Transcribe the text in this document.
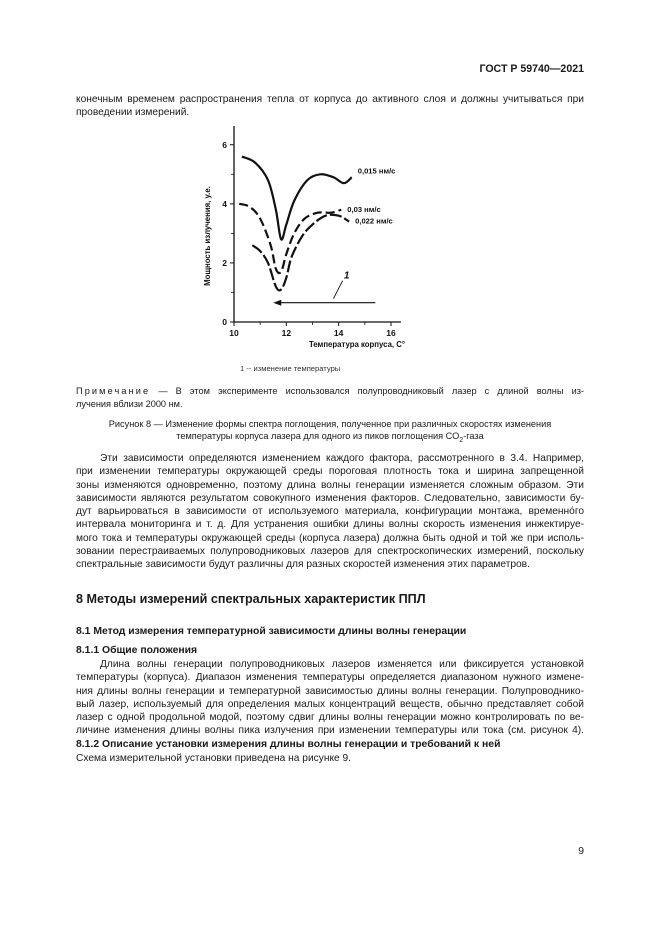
ГОСТ Р 59740—2021
конечным временем распространения тепла от корпуса до активного слоя и должны учитываться при
проведении измерений.
10	12	14	16
0
2
4
6
Мощность излучения, у.е.
Температура корпуса, С°
0,015 нм/с
0,03 нм/с
0,022 нм/с
1
1 -- изменение температуры
Примечание — В этом эксперименте использовался полупроводниковый лазер с длиной волны из-
лучения вблизи 2000 нм.
Рисунок 8 — Изменение формы спектра поглощения, полученное при различных скоростях изменения
температуры корпуса лазера для одного из пиков поглощения $СО_2$-газа
Эти зависимости определяются изменением каждого фактора, рассмотренного в 3.4. Например,
при изменении температуры окружающей среды пороговая плотность тока и ширина запрещенной
зоны изменяются одновременно, поэтому длина волны генерации изменяется сложным образом. Эти
зависимости являются результатом совокупного изменения факторов. Следовательно, зависимости бу-
дут варьироваться в зависимости от используемого материала, конфигурации монтажа, временнóго
интервала мониторинга и т. д. Для устранения ошибки длины волны скорость изменения инжектируе-
мого тока и температуры окружающей среды (корпуса лазера) должна быть одной и той же при исполь-
зовании перестраиваемых полупроводниковых лазеров для спектроскопических измерений, поскольку
спектральные зависимости будут различны для разных скоростей изменения этих параметров.
8 Методы измерений спектральных характеристик ППЛ
8.1 Метод измерения температурной зависимости длины волны генерации
8.1.1 Общие положения
Длина волны генерации полупроводниковых лазеров изменяется или фиксируется установкой
температуры (корпуса). Диапазон изменения температуры определяется диапазоном нужного измене-
ния длины волны генерации и температурной зависимостью длины волны генерации. Полупроводнико-
вый лазер, используемый для определения малых концентраций веществ, обычно представляет собой
лазер с одной продольной модой, поэтому сдвиг длины волны генерации можно контролировать по ве-
личине изменения длины волны пика излучения при изменении температуры или тока (см. рисунок 4).
8.1.2 Описание установки измерения длины волны генерации и требований к ней
Схема измерительной установки приведена на рисунке 9.
9
